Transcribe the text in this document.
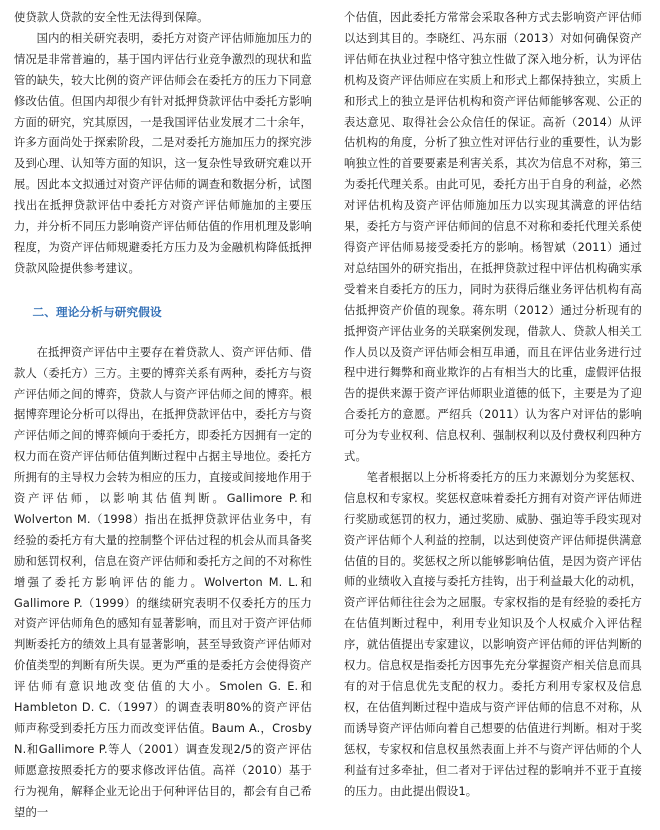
使贷款人贷款的安全性无法得到保障。

国内的相关研究表明，委托方对资产评估师施加压力的情况是非常普遍的，基于国内评估行业竞争激烈的现状和监管的缺失，较大比例的资产评估师会在委托方的压力下同意修改估值。但国内却很少有针对抵押贷款评估中委托方影响方面的研究，究其原因，一是我国评估业发展才二十余年，许多方面尚处于探索阶段，二是对委托方施加压力的探究涉及到心理、认知等方面的知识，这一复杂性导致研究难以开展。因此本文拟通过对资产评估师的调查和数据分析，试图找出在抵押贷款评估中委托方对资产评估师施加的主要压力，并分析不同压力影响资产评估师估值的作用机理及影响程度，为资产评估师规避委托方压力及为金融机构降低抵押贷款风险提供参考建议。

二、理论分析与研究假设

在抵押资产评估中主要存在着贷款人、资产评估师、借款人（委托方）三方。主要的博弈关系有两种，委托方与资产评估师之间的博弈，贷款人与资产评估师之间的博弈。根据博弈理论分析可以得出，在抵押贷款评估中，委托方与资产评估师之间的博弈倾向于委托方，即委托方因拥有一定的权力而在资产评估师估值判断过程中占据主导地位。委托方所拥有的主导权力会转为相应的压力，直接或间接地作用于资产评估师，以影响其估值判断。Gallimore P.和Wolverton M.（1998）指出在抵押贷款评估业务中，有经验的委托方有大量的控制整个评估过程的机会从而具备奖励和惩罚权利，信息在资产评估师和委托方之间的不对称性增强了委托方影响评估的能力。Wolverton M. L.和Gallimore P.（1999）的继续研究表明不仅委托方的压力对资产评估师角色的感知有显著影响，而且对于资产评估师判断委托方的绩效上具有显著影响，甚至导致资产评估师对价值类型的判断有所失误。更为严重的是委托方会使得资产评估师有意识地改变估值的大小。Smolen G. E.和Hambleton D. C.（1997）的调查表明80%的资产评估师声称受到委托方压力而改变评估值。Baum A.，Crosby N.和Gallimore P.等人（2001）调查发现2/5的资产评估师愿意按照委托方的要求修改评估值。高祥（2010）基于行为视角，解释企业无论出于何种评估目的，都会有自己希望的一

个估值，因此委托方常常会采取各种方式去影响资产评估师以达到其目的。李晓红、冯东丽（2013）对如何确保资产评估师在执业过程中恪守独立性做了深入地分析，认为评估机构及资产评估师应在实质上和形式上都保持独立，实质上和形式上的独立是评估机构和资产评估师能够客观、公正的表达意见、取得社会公众信任的保证。高祈（2014）从评估机构的角度，分析了独立性对评估行业的重要性，认为影响独立性的首要要素是利害关系，其次为信息不对称，第三为委托代理关系。由此可见，委托方出于自身的利益，必然对评估机构及资产评估师施加压力以实现其满意的评估结果，委托方与资产评估师间的信息不对称和委托代理关系使得资产评估师易接受委托方的影响。杨智斌（2011）通过对总结国外的研究指出，在抵押贷款过程中评估机构确实承受着来自委托方的压力，同时为获得后继业务评估机构有高估抵押资产价值的现象。蒋东明（2012）通过分析现有的抵押资产评估业务的关联案例发现，借款人、贷款人相关工作人员以及资产评估师会相互串通，而且在评估业务进行过程中进行舞弊和商业欺诈的占有相当大的比重，虚假评估报告的提供来源于资产评估师职业道德的低下，主要是为了迎合委托方的意愿。严绍兵（2011）认为客户对评估的影响可分为专业权利、信息权利、强制权利以及付费权利四种方式。

笔者根据以上分析将委托方的压力来源划分为奖惩权、信息权和专家权。奖惩权意味着委托方拥有对资产评估师进行奖励或惩罚的权力，通过奖励、威胁、强迫等手段实现对资产评估师个人利益的控制，以达到使资产评估师提供满意估值的目的。奖惩权之所以能够影响估值，是因为资产评估师的业绩收入直接与委托方挂钩，出于利益最大化的动机，资产评估师往往会为之屈服。专家权指的是有经验的委托方在估值判断过程中，利用专业知识及个人权威介入评估程序，就估值提出专家建议，以影响资产评估师的评估判断的权力。信息权是指委托方因事先充分掌握资产相关信息而具有的对于信息优先支配的权力。委托方利用专家权及信息权，在估值判断过程中造成与资产评估师的信息不对称，从而诱导资产评估师向着自己想要的估值进行判断。相对于奖惩权，专家权和信息权虽然表面上并不与资产评估师的个人利益有过多牵扯，但二者对于评估过程的影响并不亚于直接的压力。由此提出假设1。
